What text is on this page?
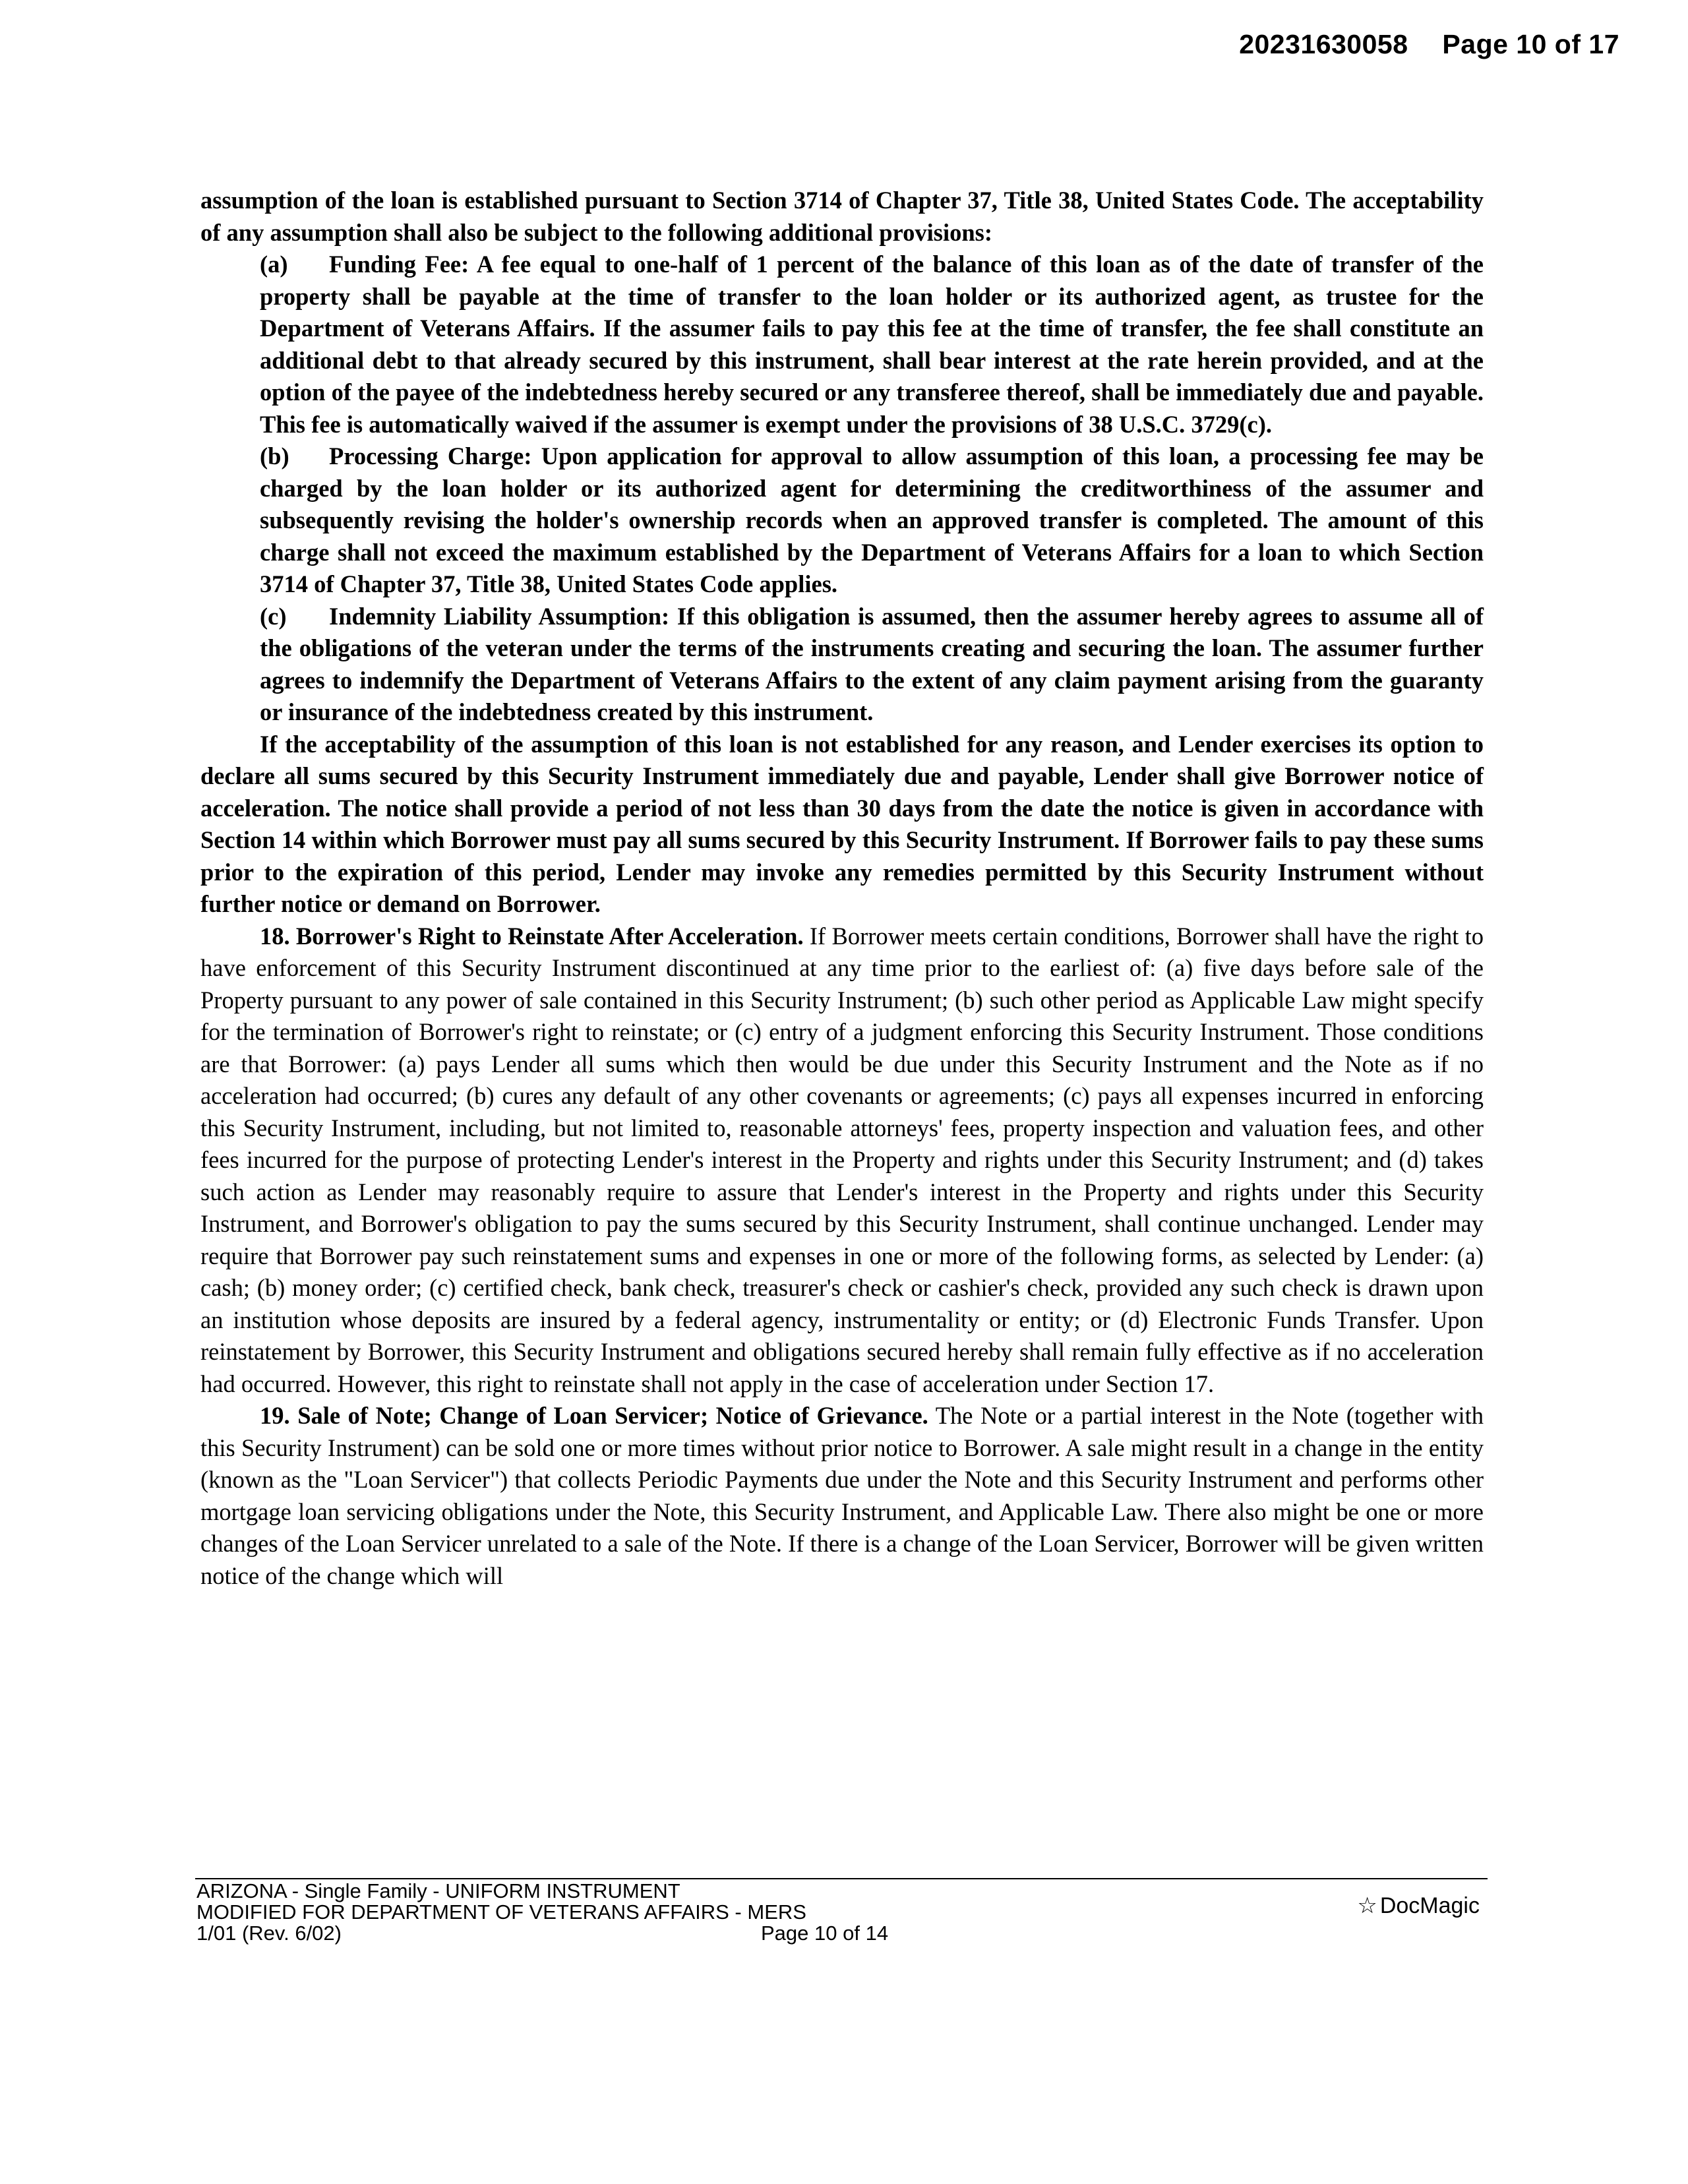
20231630058 Page 10 of 17

assumption of the loan is established pursuant to Section 3714 of Chapter 37, Title 38, United States Code. The acceptability of any assumption shall also be subject to the following additional provisions:

(a) Funding Fee: A fee equal to one-half of 1 percent of the balance of this loan as of the date of transfer of the property shall be payable at the time of transfer to the loan holder or its authorized agent, as trustee for the Department of Veterans Affairs. If the assumer fails to pay this fee at the time of transfer, the fee shall constitute an additional debt to that already secured by this instrument, shall bear interest at the rate herein provided, and at the option of the payee of the indebtedness hereby secured or any transferee thereof, shall be immediately due and payable. This fee is automatically waived if the assumer is exempt under the provisions of 38 U.S.C. 3729(c).

(b) Processing Charge: Upon application for approval to allow assumption of this loan, a processing fee may be charged by the loan holder or its authorized agent for determining the creditworthiness of the assumer and subsequently revising the holder's ownership records when an approved transfer is completed. The amount of this charge shall not exceed the maximum established by the Department of Veterans Affairs for a loan to which Section 3714 of Chapter 37, Title 38, United States Code applies.

(c) Indemnity Liability Assumption: If this obligation is assumed, then the assumer hereby agrees to assume all of the obligations of the veteran under the terms of the instruments creating and securing the loan. The assumer further agrees to indemnify the Department of Veterans Affairs to the extent of any claim payment arising from the guaranty or insurance of the indebtedness created by this instrument.

If the acceptability of the assumption of this loan is not established for any reason, and Lender exercises its option to declare all sums secured by this Security Instrument immediately due and payable, Lender shall give Borrower notice of acceleration. The notice shall provide a period of not less than 30 days from the date the notice is given in accordance with Section 14 within which Borrower must pay all sums secured by this Security Instrument. If Borrower fails to pay these sums prior to the expiration of this period, Lender may invoke any remedies permitted by this Security Instrument without further notice or demand on Borrower.

18. Borrower's Right to Reinstate After Acceleration. If Borrower meets certain conditions, Borrower shall have the right to have enforcement of this Security Instrument discontinued at any time prior to the earliest of: (a) five days before sale of the Property pursuant to any power of sale contained in this Security Instrument; (b) such other period as Applicable Law might specify for the termination of Borrower's right to reinstate; or (c) entry of a judgment enforcing this Security Instrument. Those conditions are that Borrower: (a) pays Lender all sums which then would be due under this Security Instrument and the Note as if no acceleration had occurred; (b) cures any default of any other covenants or agreements; (c) pays all expenses incurred in enforcing this Security Instrument, including, but not limited to, reasonable attorneys' fees, property inspection and valuation fees, and other fees incurred for the purpose of protecting Lender's interest in the Property and rights under this Security Instrument; and (d) takes such action as Lender may reasonably require to assure that Lender's interest in the Property and rights under this Security Instrument, and Borrower's obligation to pay the sums secured by this Security Instrument, shall continue unchanged. Lender may require that Borrower pay such reinstatement sums and expenses in one or more of the following forms, as selected by Lender: (a) cash; (b) money order; (c) certified check, bank check, treasurer's check or cashier's check, provided any such check is drawn upon an institution whose deposits are insured by a federal agency, instrumentality or entity; or (d) Electronic Funds Transfer. Upon reinstatement by Borrower, this Security Instrument and obligations secured hereby shall remain fully effective as if no acceleration had occurred. However, this right to reinstate shall not apply in the case of acceleration under Section 17.

19. Sale of Note; Change of Loan Servicer; Notice of Grievance. The Note or a partial interest in the Note (together with this Security Instrument) can be sold one or more times without prior notice to Borrower. A sale might result in a change in the entity (known as the "Loan Servicer") that collects Periodic Payments due under the Note and this Security Instrument and performs other mortgage loan servicing obligations under the Note, this Security Instrument, and Applicable Law. There also might be one or more changes of the Loan Servicer unrelated to a sale of the Note. If there is a change of the Loan Servicer, Borrower will be given written notice of the change which will

ARIZONA - Single Family - UNIFORM INSTRUMENT
MODIFIED FOR DEPARTMENT OF VETERANS AFFAIRS - MERS
1/01 (Rev. 6/02)	Page 10 of 14
☆ DocMagic
